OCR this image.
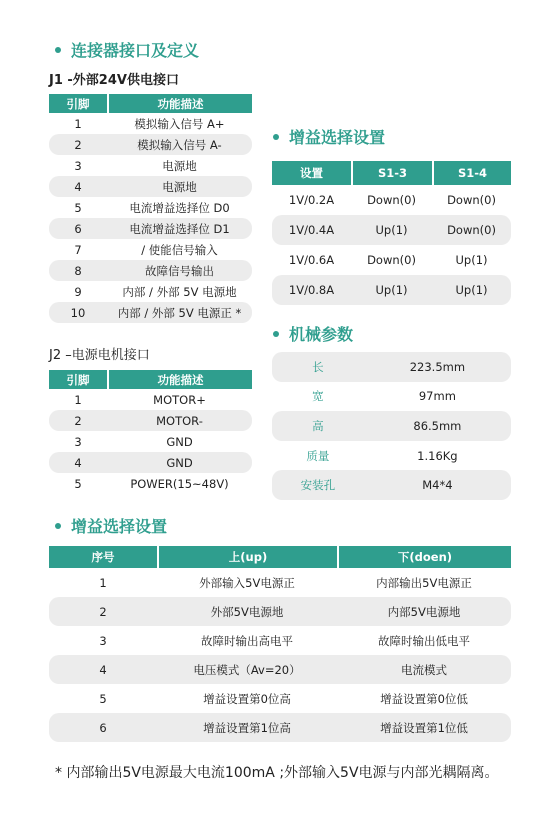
连接器接口及定义
J1 -外部24V供电接口
引脚	功能描述
1	模拟输入信号 A+
2	模拟输入信号 A-
3	电源地
4	电源地
5	电流增益选择位 D0
6	电流增益选择位 D1
7	/ 使能信号输入
8	故障信号输出
9	内部 / 外部 5V 电源地
10	内部 / 外部 5V 电源正 *
J2 –电源电机接口
引脚	功能描述
1	MOTOR+
2	MOTOR-
3	GND
4	GND
5	POWER(15~48V)
增益选择设置
设置	S1-3	S1-4
1V/0.2A	Down(0)	Down(0)
1V/0.4A	Up(1)	Down(0)
1V/0.6A	Down(0)	Up(1)
1V/0.8A	Up(1)	Up(1)
机械参数
长	223.5mm
宽	97mm
高	86.5mm
质量	1.16Kg
安装孔	M4*4
增益选择设置
序号	上(up)	下(doen)
1	外部输入5V电源正	内部输出5V电源正
2	外部5V电源地	内部5V电源地
3	故障时输出高电平	故障时输出低电平
4	电压模式（Av=20）	电流模式
5	增益设置第0位高	增益设置第0位低
6	增益设置第1位高	增益设置第1位低
* 内部输出5V电源最大电流100mA ;外部输入5V电源与内部光耦隔离。
